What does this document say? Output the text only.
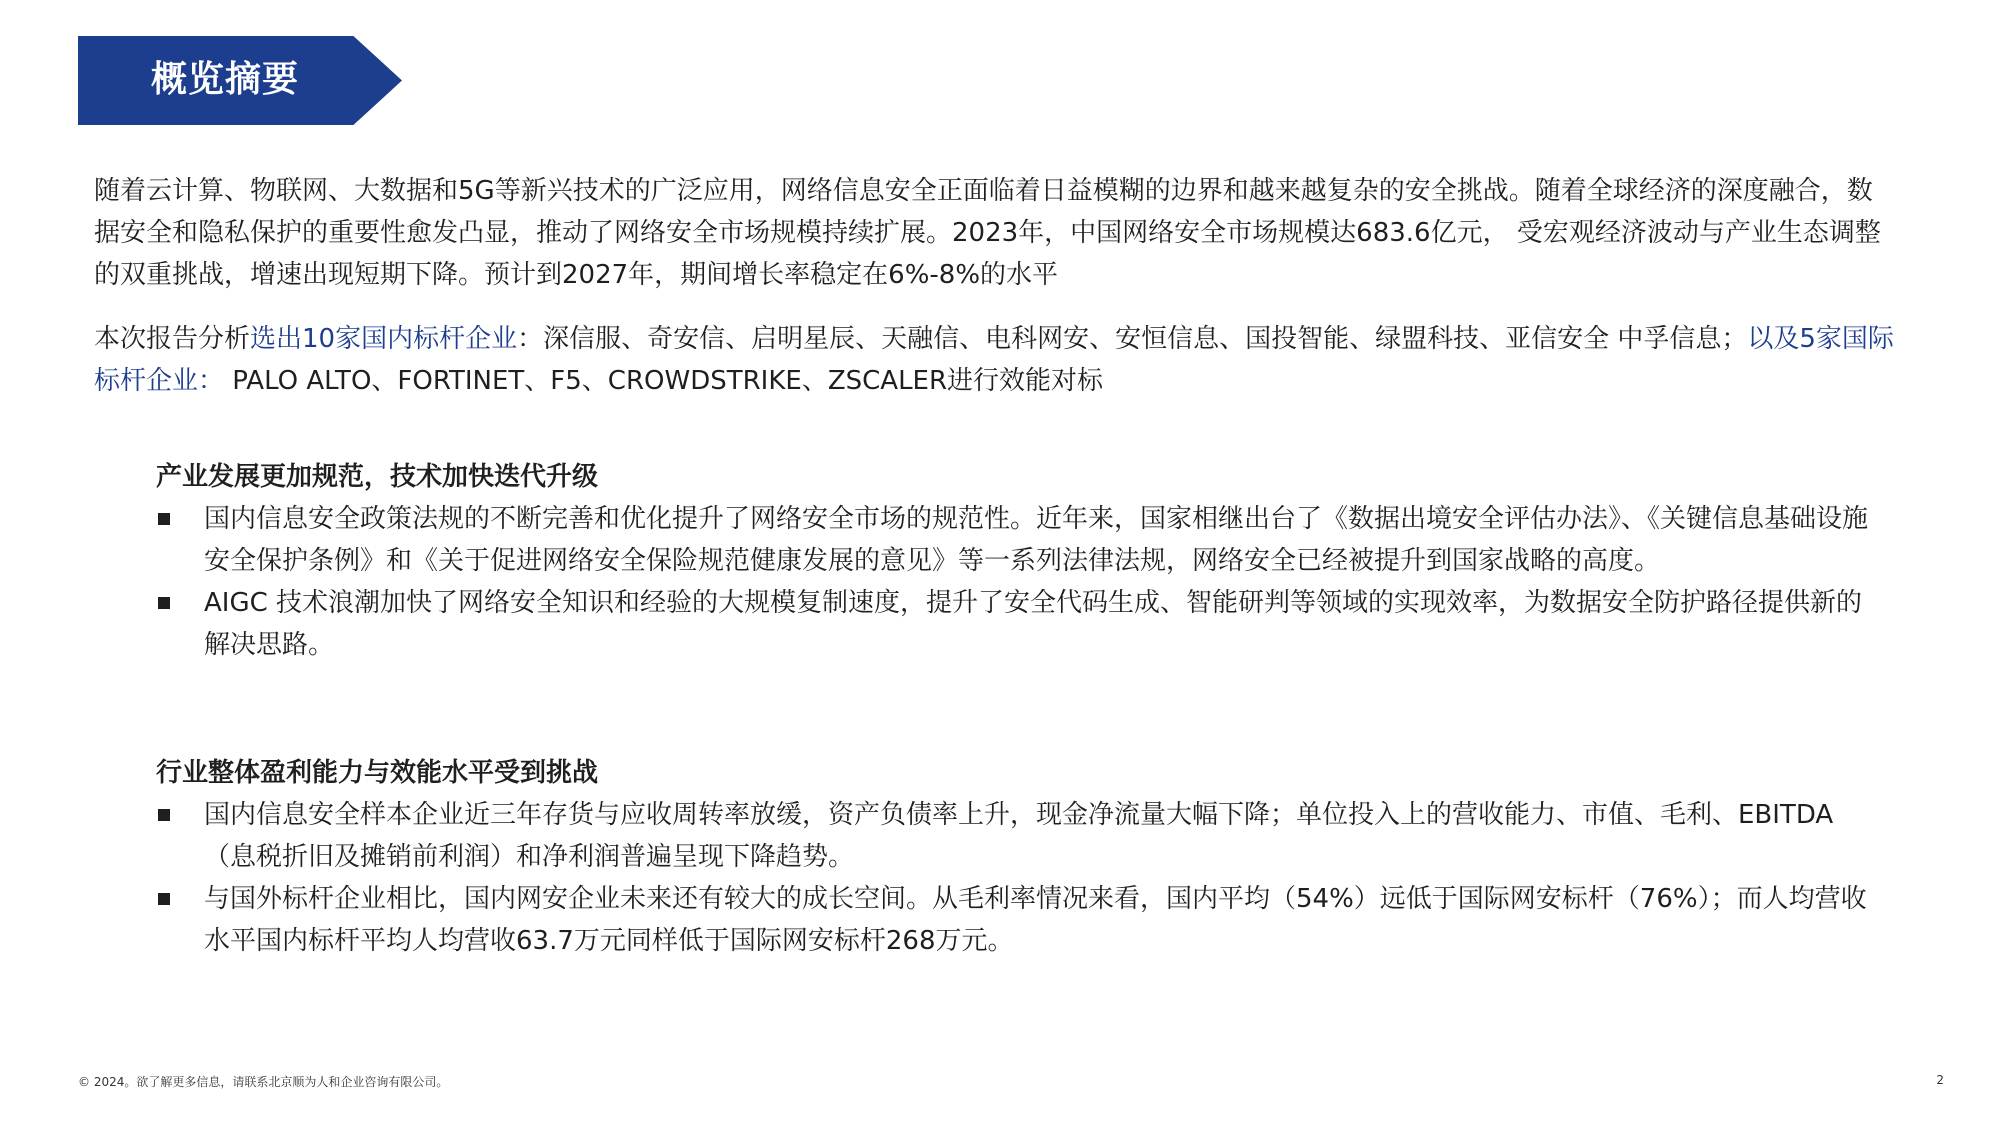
概览摘要
随着云计算、物联网、大数据和5G等新兴技术的广泛应用，网络信息安全正面临着日益模糊的边界和越来越复杂的安全挑战。随着全球经济的深度融合，数据安全和隐私保护的重要性愈发凸显，推动了网络安全市场规模持续扩展。2023年，中国网络安全市场规模达683.6亿元， 受宏观经济波动与产业生态调整的双重挑战，增速出现短期下降。预计到2027年，期间增长率稳定在6%-8%的水平
本次报告分析选出10家国内标杆企业：深信服、奇安信、启明星辰、天融信、电科网安、安恒信息、国投智能、绿盟科技、亚信安全 中孚信息；以及5家国际标杆企业： PALO ALTO、FORTINET、F5、CROWDSTRIKE、ZSCALER进行效能对标
产业发展更加规范，技术加快迭代升级
国内信息安全政策法规的不断完善和优化提升了网络安全市场的规范性。近年来，国家相继出台了《数据出境安全评估办法》、《关键信息基础设施安全保护条例》和《关于促进网络安全保险规范健康发展的意见》等一系列法律法规，网络安全已经被提升到国家战略的高度。
AIGC 技术浪潮加快了网络安全知识和经验的大规模复制速度，提升了安全代码生成、智能研判等领域的实现效率，为数据安全防护路径提供新的解决思路。
行业整体盈利能力与效能水平受到挑战
国内信息安全样本企业近三年存货与应收周转率放缓，资产负债率上升，现金净流量大幅下降；单位投入上的营收能力、市值、毛利、EBITDA（息税折旧及摊销前利润）和净利润普遍呈现下降趋势。
与国外标杆企业相比，国内网安企业未来还有较大的成长空间。从毛利率情况来看，国内平均（54%）远低于国际网安标杆（76%）；而人均营收水平国内标杆平均人均营收63.7万元同样低于国际网安标杆268万元。
© 2024。欲了解更多信息，请联系北京顺为人和企业咨询有限公司。	2
